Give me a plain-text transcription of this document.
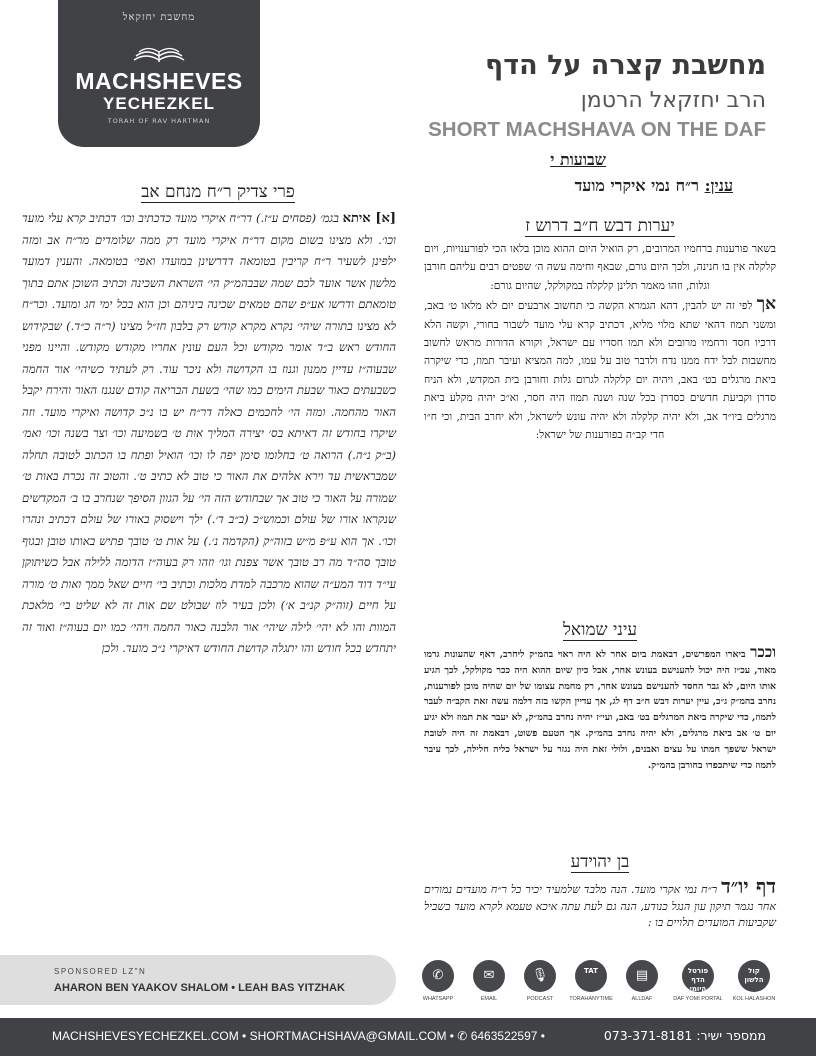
מחשבת יחזקאל
MACHSHEVES
YECHEZKEL
TORAH OF RAV HARTMAN
מחשבת קצרה על הדף
הרב יחזקאל הרטמן
SHORT MACHSHAVA ON THE DAF
שבועות י
ענין: ר״ח נמי איקרי מועד
פרי צדיק ר״ח מנחם אב
[א] איתא בגמ׳ (פסחים ע״ז.) דר״ח איקרי מועד כדכתיב וכו׳ דכתיב קרא עלי מועד וכו׳. ולא מצינו בשום מקום דר״ח איקרי מועד רק ממה שלומדים מר״ח אב ומזה ילפינן לשעיר ר״ח קריבין בטומאה דדרשינן במועדו ואפי׳ בטומאה. והענין דמועד מלשון אשר אועד לכם שמה שבבהמ״ק הי׳ השראת השכינה וכתיב השוכן אתם בתוך טומאתם ודרשו אע״פ שהם טמאים שכינה ביניהם וכן הוא בכל ימי חג ומועד. וכר״ח לא מצינו בתורה שיהי׳ נקרא מקרא קודש רק בלבון חז״ל מצינו (ר״ה כ״ד.) שבקידוש החודש ראש ב״ד אומר מקודש וכל העם עונין אחריו מקודש מקודש. והיינו מפני שבעוה״ז עדיין ממנון וגנוז בו הקדושה ולא ניכר עוד. רק לעתיד כשיהי׳ אור החמה כשבעתים כאור שבעת הימים כמו שהי׳ בשעת הבריאה קודם שנגנז האור והירח יקבל האור מהחמה. ומזה הי׳ לחכמים כאלה דר״ח יש בו נ״כ קדושה ואיקרי מועד. וזה שיקרו בחודש זה דאיתא בס׳ יצירה המליך אות ט׳ בשמיעה וכו׳ וצר בשנה וכו׳ ואמ׳ (ב״ק נ״ה.) הרואה ט׳ בחלומו סימן יפה לו וכו׳ הואיל ופתח בו הכתוב לטובה תחלה שמבראשית עד וירא אלהים את האור כי טוב לא כתיב ט׳. והטוב זה נכרת באות ט׳ שמורה על האור כי טוב אך שבחודש הזה הי׳ על הגוון הסיפך שנחרב בו ב׳ המקדשים שנקראו אורו של עולם וכמוש״כ (ב״ב ד׳.) ילך וישסוק באורו של עולם דכתיב ונהרו וכו׳. אך הוא ע״פ מ״ש בזוה״ק (הקדמה נ׳.) על אות ט׳ טובך פתיש באותו טובן ובגוף טובך סה״ד מה רב טובך אשר צפנת וגו׳ וזהו רק בעוה״ז הדומה ללילה אבל כשיתוקן עי״ד דוד המע״ה שהוא מרכבה למדת מלכות וכתיב בי׳ חיים שאל ממך ואות ט׳ מורה על חיים (זוה״ק קנ״ב א׳) ולכן בעיר לוז שבולט שם אות זה לא שליט בי׳ מלאכת המוות והו לא יהי׳ לילה שיהי׳ אור הלבנה כאור החמה ויהי׳ כמו יום בעוה״ז ואור זה יתחדש בכל חודש והו יתגלה קדושת החודש דאיקרי נ״כ מועד. ולכן
יערות דבש ח״ב דרוש ז
בשאר פורענות ברחמיו המרובים, רק הואיל היום ההוא מוכן בלאו הכי לפורענויות, ויום קלקלה אין בו חנינה, ולכך היום גורם, שבאף וחימה עשה ה׳ שפטים רבים עליהם חורבן וגלות, וזהו מאמר תלינן קלקלה במקולקל, שהיום גורם:
אך לפי זה יש להבין, דהא הגמרא הקשה כי תחשוב ארבעים יום לא מלאו ט׳ באב, ומשני תמוז דהאי שתא מלוי מליא, דכתיב קרא עלי מועד לשבור בחורי, וקשה הלא דרכיו חסד ורחמיו מרובים ולא תמו חסדיו עם ישראל, וקורא הדורות מראש לחשוב מחשבות לבל ידח ממנו נדח ולדבר טוב על עמו, למה המציא ועיבר תמוז, כדי שיקרה ביאת מרגלים בט׳ באב, ויהיה יום קלקלה לגרום גלות וחורבן בית המקדש, ולא הניח סדרן וקביעת חדשים כסדרן בכל שנה ושנה תמוז היה חסר, וא״כ יהיה מקלע ביאת מרגלים ביו״ד אב, ולא יהיה קלקלה ולא יהיה עונש לישראל, ולא יחרב הבית, וכי ח״ו חדי קב״ה בפורענות של ישראל:
עיני שמואל
וככר ביארו המפרשים, דבאמת ביום אחר לא היה ראוי בהמ״ק ליחרב, דאף שהעונות גרמו מאוד, עכ״ז היה יכול להענישם בעונש אחר, אבל כיון שיום ההוא היה ככר מקולקל, לכך הגיע אותו היום, לא גבר החסד להענישם בעונש אחר, רק מחמת עצומו של יום שהיה מוכן לפורענות, נחרב בהמ״ק ג״כ, עיין יערות דבש ח״ב דף לג, אך עדיין הקשו בזה דלמה עשה זאת הקב״ה לעבר לתמוז, כדי שיקרה ביאת המרגלים בט׳ באב, ועי״ז יהיה נחרב בהמ״ק, לא יעבר את תמוז ולא יגיע יום ט׳ אב ביאת מרגלים, ולא יהיה נחרב בהמ״ק. אך הטעם פשוט, דבאמת זה היה לטובת ישראל ששפך חמתו על עצים ואבנים, ולולי זאת היה נגזר על ישראל כליה חלילה, לכך עיבר לתמוז כדי שיתכפרו בחורבן בהמ״ק.
בן יהוידע
דף יו״ד ר״ח נמי אקרי מועד. הנה מלבד שלמעיד יכיר כל ר״ח מועדים נמורים אחר נגמר תיקון עון הנגל כנודע, הנה גם לעת עתה איכא טעמא לקרא מועד בשביל שקביעות המועדים תלויים בו :
SPONSORED LZ"N
AHARON BEN YAAKOV SHALOM • LEAH BAS YITZHAK
✆
WHATSAPP
✉
EMAIL
🎙
PODCAST
TAT
TORAHANYTIME
▤
ALLDAF
פורטל הדף היומי
DAF YOMI PORTAL
קול הלשון
KOL HALASHON
MACHSHEVESYECHEZKEL.COM • SHORTMACHSHAVA@GMAIL.COM • ✆ 6463522597 •	ממספר ישיר: 073-371-8181
